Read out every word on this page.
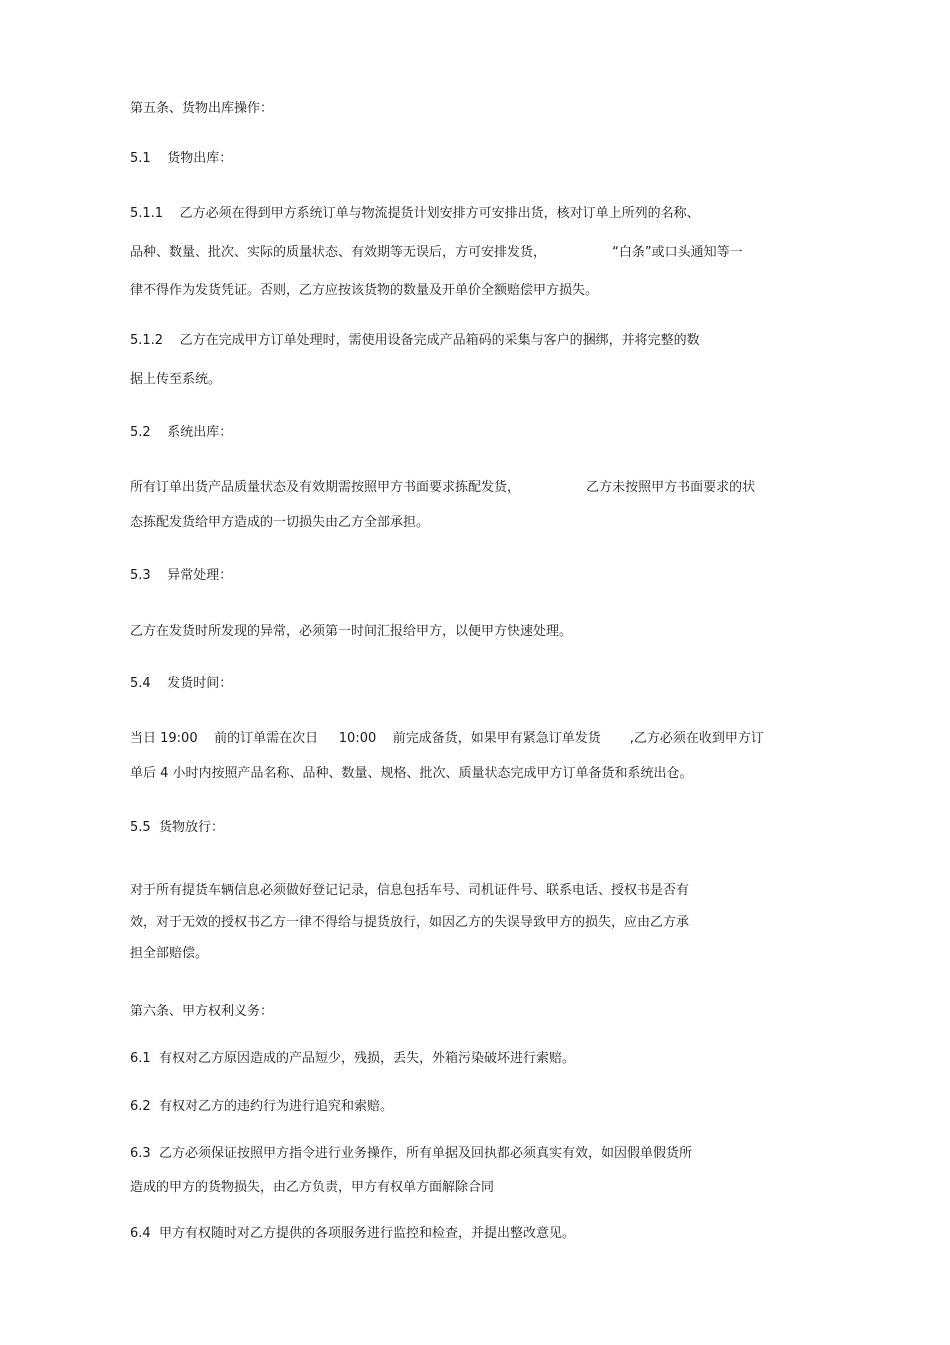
第五条、货物出库操作：
5.1    货物出库：
5.1.1    乙方必须在得到甲方系统订单与物流提货计划安排方可安排出货，核对订单上所列的名称、
品种、数量、批次、实际的质量状态、有效期等无误后，方可安排发货，                “白条”或口头通知等一
律不得作为发货凭证。否则，乙方应按该货物的数量及开单价全额赔偿甲方损失。
5.1.2    乙方在完成甲方订单处理时，需使用设备完成产品箱码的采集与客户的捆绑，并将完整的数
据上传至系统。
5.2    系统出库：
所有订单出货产品质量状态及有效期需按照甲方书面要求拣配发货，                乙方未按照甲方书面要求的状
态拣配发货给甲方造成的一切损失由乙方全部承担。
5.3    异常处理：
乙方在发货时所发现的异常，必须第一时间汇报给甲方，以便甲方快速处理。
5.4    发货时间：
当日 19:00    前的订单需在次日     10:00    前完成备货，如果甲有紧急订单发货       ,乙方必须在收到甲方订
单后 4 小时内按照产品名称、品种、数量、规格、批次、质量状态完成甲方订单备货和系统出仓。
5.5  货物放行：
对于所有提货车辆信息必须做好登记记录，信息包括车号、司机证件号、联系电话、授权书是否有
效，对于无效的授权书乙方一律不得给与提货放行，如因乙方的失误导致甲方的损失，应由乙方承
担全部赔偿。
第六条、甲方权利义务：
6.1  有权对乙方原因造成的产品短少，残损，丢失，外箱污染破坏进行索赔。
6.2  有权对乙方的违约行为进行追究和索赔。
6.3  乙方必须保证按照甲方指令进行业务操作，所有单据及回执都必须真实有效，如因假单假货所
造成的甲方的货物损失，由乙方负责，甲方有权单方面解除合同
6.4  甲方有权随时对乙方提供的各项服务进行监控和检查，并提出整改意见。
